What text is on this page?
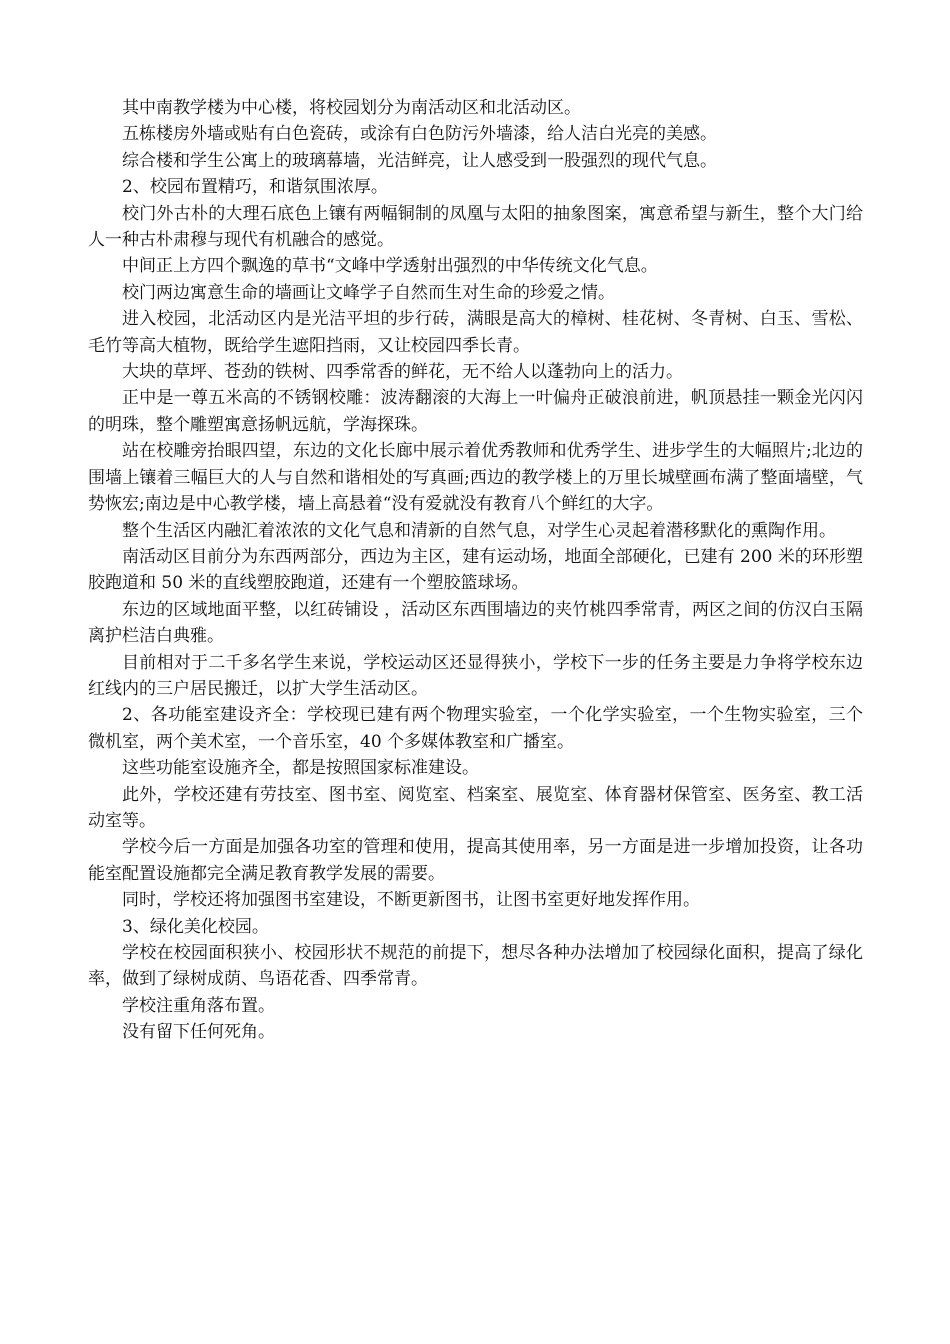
其中南教学楼为中心楼，将校园划分为南活动区和北活动区。

五栋楼房外墙或贴有白色瓷砖，或涂有白色防污外墙漆，给人洁白光亮的美感。

综合楼和学生公寓上的玻璃幕墙，光洁鲜亮，让人感受到一股强烈的现代气息。

2、校园布置精巧，和谐氛围浓厚。

校门外古朴的大理石底色上镶有两幅铜制的凤凰与太阳的抽象图案，寓意希望与新生，整个大门给人一种古朴肃穆与现代有机融合的感觉。

中间正上方四个飘逸的草书“文峰中学透射出强烈的中华传统文化气息。

校门两边寓意生命的墙画让文峰学子自然而生对生命的珍爱之情。

进入校园，北活动区内是光洁平坦的步行砖，满眼是高大的樟树、桂花树、冬青树、白玉、雪松、毛竹等高大植物，既给学生遮阳挡雨，又让校园四季长青。

大块的草坪、苍劲的铁树、四季常香的鲜花，无不给人以蓬勃向上的活力。

正中是一尊五米高的不锈钢校雕：波涛翻滚的大海上一叶偏舟正破浪前进，帆顶悬挂一颗金光闪闪的明珠，整个雕塑寓意扬帆远航，学海探珠。

站在校雕旁抬眼四望，东边的文化长廊中展示着优秀教师和优秀学生、进步学生的大幅照片;北边的围墙上镶着三幅巨大的人与自然和谐相处的写真画;西边的教学楼上的万里长城壁画布满了整面墙壁，气势恢宏;南边是中心教学楼，墙上高悬着“没有爱就没有教育八个鲜红的大字。

整个生活区内融汇着浓浓的文化气息和清新的自然气息，对学生心灵起着潜移默化的熏陶作用。

南活动区目前分为东西两部分，西边为主区，建有运动场，地面全部硬化，已建有 200 米的环形塑胶跑道和 50 米的直线塑胶跑道，还建有一个塑胶篮球场。

东边的区域地面平整，以红砖铺设 ，活动区东西围墙边的夹竹桃四季常青，两区之间的仿汉白玉隔离护栏洁白典雅。

目前相对于二千多名学生来说，学校运动区还显得狭小，学校下一步的任务主要是力争将学校东边红线内的三户居民搬迁，以扩大学生活动区。

2、各功能室建设齐全：学校现已建有两个物理实验室，一个化学实验室，一个生物实验室，三个微机室，两个美术室，一个音乐室，40 个多媒体教室和广播室。

这些功能室设施齐全，都是按照国家标准建设。

此外，学校还建有劳技室、图书室、阅览室、档案室、展览室、体育器材保管室、医务室、教工活动室等。

学校今后一方面是加强各功室的管理和使用，提高其使用率，另一方面是进一步增加投资，让各功能室配置设施都完全满足教育教学发展的需要。

同时，学校还将加强图书室建设，不断更新图书，让图书室更好地发挥作用。

3、绿化美化校园。

学校在校园面积狭小、校园形状不规范的前提下，想尽各种办法增加了校园绿化面积，提高了绿化率，做到了绿树成荫、鸟语花香、四季常青。

学校注重角落布置。

没有留下任何死角。
